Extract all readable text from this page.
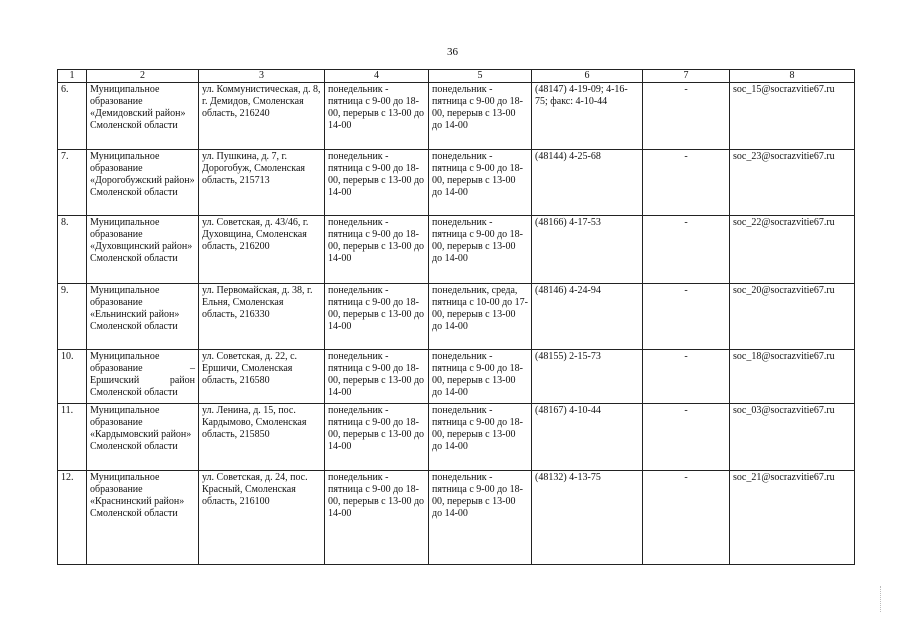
36
1	2	3	4	5	6	7	8
6.	Муниципальное образование «Демидовский район» Смоленской области	ул. Коммунистическая, д. 8, г. Демидов, Смоленская область, 216240	понедельник - пятница с 9-00 до 18-00, перерыв с 13-00 до 14-00	понедельник - пятница с 9-00 до 18-00, перерыв с 13-00 до 14-00	(48147) 4-19-09; 4-16-75; факс: 4-10-44	-	soc_15@socrazvitie67.ru
7.	Муниципальное образование «Дорогобужский район» Смоленской области	ул. Пушкина, д. 7, г. Дорогобуж, Смоленская область, 215713	понедельник - пятница с 9-00 до 18-00, перерыв с 13-00 до 14-00	понедельник - пятница с 9-00 до 18-00, перерыв с 13-00 до 14-00	(48144) 4-25-68	-	soc_23@socrazvitie67.ru
8.	Муниципальное образование «Духовщинский район» Смоленской области	ул. Советская, д. 43/46, г. Духовщина, Смоленская область, 216200	понедельник - пятница с 9-00 до 18-00, перерыв с 13-00 до 14-00	понедельник - пятница с 9-00 до 18-00, перерыв с 13-00 до 14-00	(48166) 4-17-53	-	soc_22@socrazvitie67.ru
9.	Муниципальное образование «Ельнинский район» Смоленской области	ул. Первомайская, д. 38, г. Ельня, Смоленская область, 216330	понедельник - пятница с 9-00 до 18-00, перерыв с 13-00 до 14-00	понедельник, среда, пятница с 10-00 до 17-00, перерыв с 13-00 до 14-00	(48146) 4-24-94	-	soc_20@socrazvitie67.ru
10.	Муниципальное образование – Ершичский район Смоленской области	ул. Советская, д. 22, с. Ершичи, Смоленская область, 216580	понедельник - пятница с 9-00 до 18-00, перерыв с 13-00 до 14-00	понедельник - пятница с 9-00 до 18-00, перерыв с 13-00 до 14-00	(48155) 2-15-73	-	soc_18@socrazvitie67.ru
11.	Муниципальное образование «Кардымовский район» Смоленской области	ул. Ленина, д. 15, пос. Кардымово, Смоленская область, 215850	понедельник - пятница с 9-00 до 18-00, перерыв с 13-00 до 14-00	понедельник - пятница с 9-00 до 18-00, перерыв с 13-00 до 14-00	(48167) 4-10-44	-	soc_03@socrazvitie67.ru
12.	Муниципальное образование «Краснинский район» Смоленской области	ул. Советская, д. 24, пос. Красный, Смоленская область, 216100	понедельник - пятница с 9-00 до 18-00, перерыв с 13-00 до 14-00	понедельник - пятница с 9-00 до 18-00, перерыв с 13-00 до 14-00	(48132) 4-13-75	-	soc_21@socrazvitie67.ru
